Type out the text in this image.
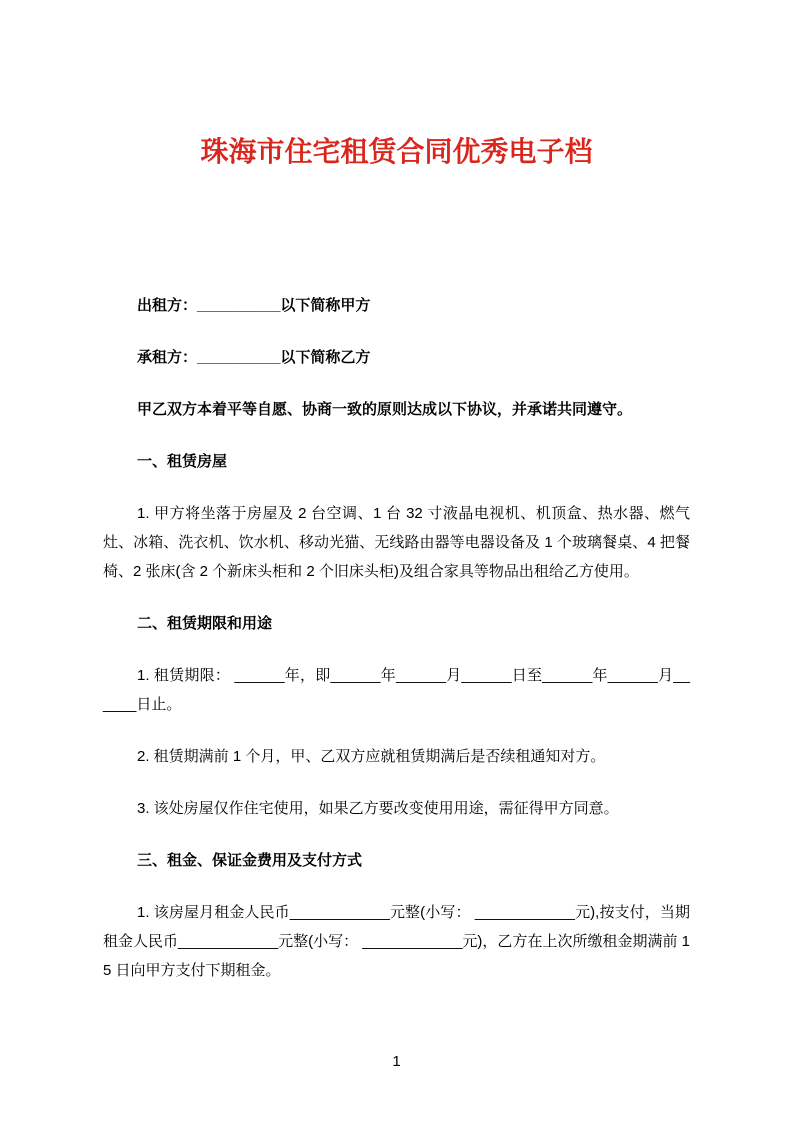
珠海市住宅租赁合同优秀电子档

出租方：__________以下简称甲方

承租方：__________以下简称乙方

甲乙双方本着平等自愿、协商一致的原则达成以下协议，并承诺共同遵守。

一、租赁房屋

1. 甲方将坐落于房屋及 2 台空调、1 台 32 寸液晶电视机、机顶盒、热水器、燃气灶、冰箱、洗衣机、饮水机、移动光猫、无线路由器等电器设备及 1 个玻璃餐桌、4 把餐椅、2 张床(含 2 个新床头柜和 2 个旧床头柜)及组合家具等物品出租给乙方使用。

二、租赁期限和用途

1. 租赁期限： ______年，即______年______月______日至______年______月______日止。

2. 租赁期满前 1 个月，甲、乙双方应就租赁期满后是否续租通知对方。

3. 该处房屋仅作住宅使用，如果乙方要改变使用用途，需征得甲方同意。

三、租金、保证金费用及支付方式

1. 该房屋月租金人民币____________元整(小写： ____________元),按支付，当期租金人民币____________元整(小写： ____________元)，乙方在上次所缴租金期满前 15 日向甲方支付下期租金。

1
